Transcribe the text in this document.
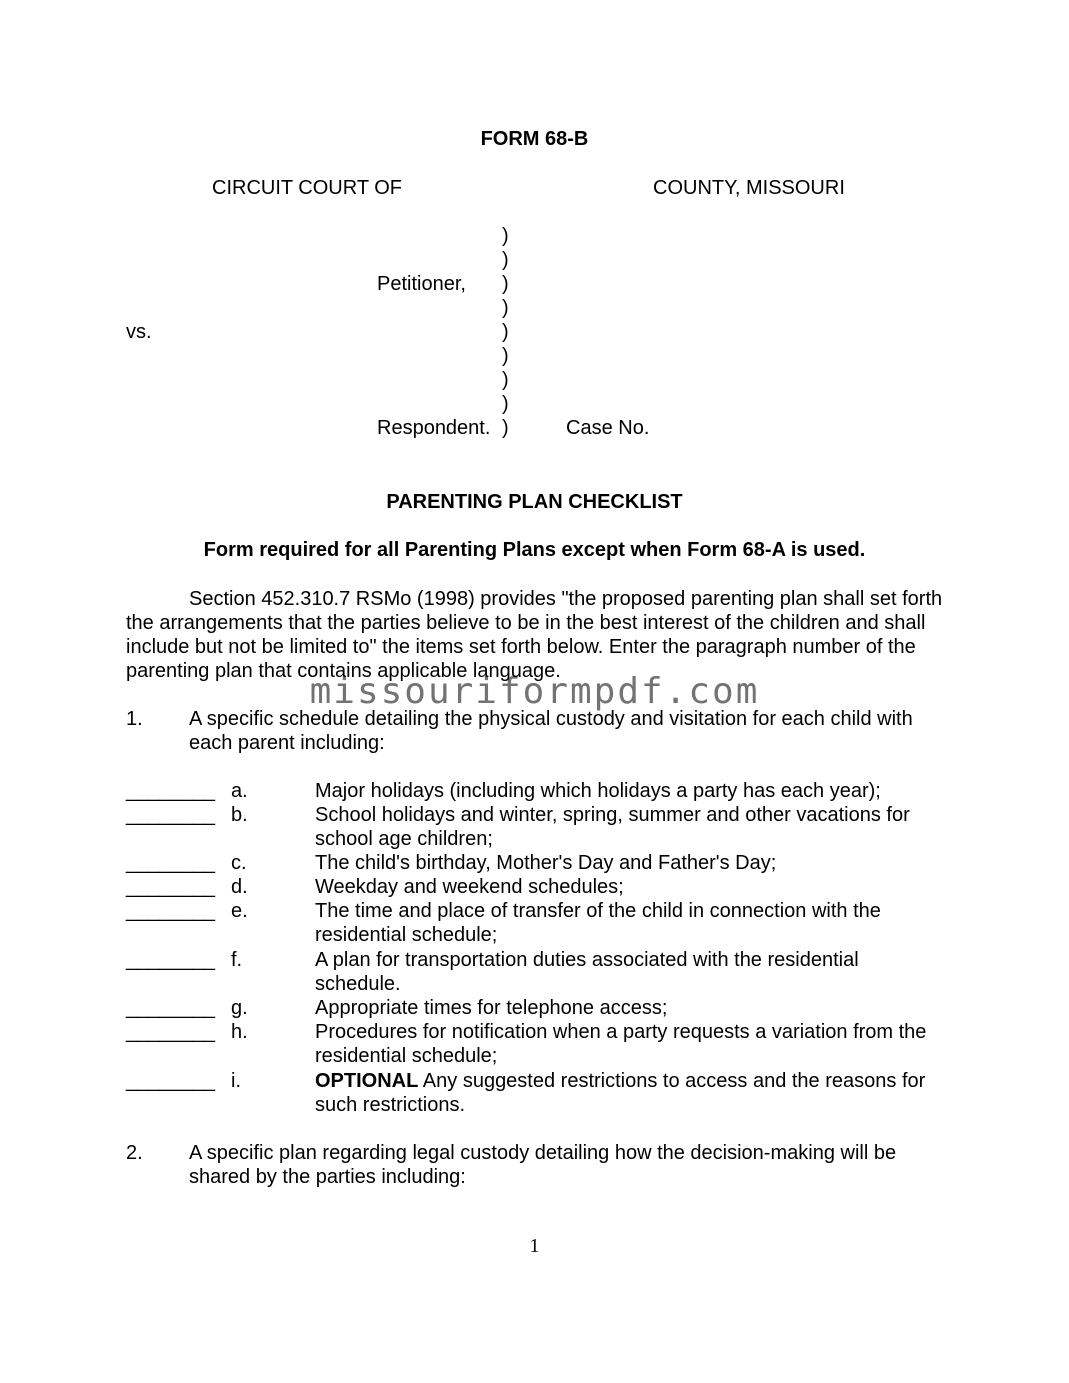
FORM 68-B
CIRCUIT COURT OF	COUNTY, MISSOURI
)
)
)
)
)
)
)
)
)
Petitioner,
vs.
Respondent.	Case No.
PARENTING PLAN CHECKLIST
Form required for all Parenting Plans except when Form 68-A is used.
Section 452.310.7 RSMo (1998) provides "the proposed parenting plan shall set forth the arrangements that the parties believe to be in the best interest of the children and shall include but not be limited to" the items set forth below. Enter the paragraph number of the parenting plan that contains applicable language.
missouriformpdf.com
1. A specific schedule detailing the physical custody and visitation for each child with each parent including:
________ a.	Major holidays (including which holidays a party has each year);
________ b.	School holidays and winter, spring, summer and other vacations for school age children;
________ c.	The child's birthday, Mother's Day and Father's Day;
________ d.	Weekday and weekend schedules;
________ e.	The time and place of transfer of the child in connection with the residential schedule;
________ f.	A plan for transportation duties associated with the residential schedule.
________ g.	Appropriate times for telephone access;
________ h.	Procedures for notification when a party requests a variation from the residential schedule;
________ i.	OPTIONAL Any suggested restrictions to access and the reasons for such restrictions.
2. A specific plan regarding legal custody detailing how the decision-making will be shared by the parties including:
1
